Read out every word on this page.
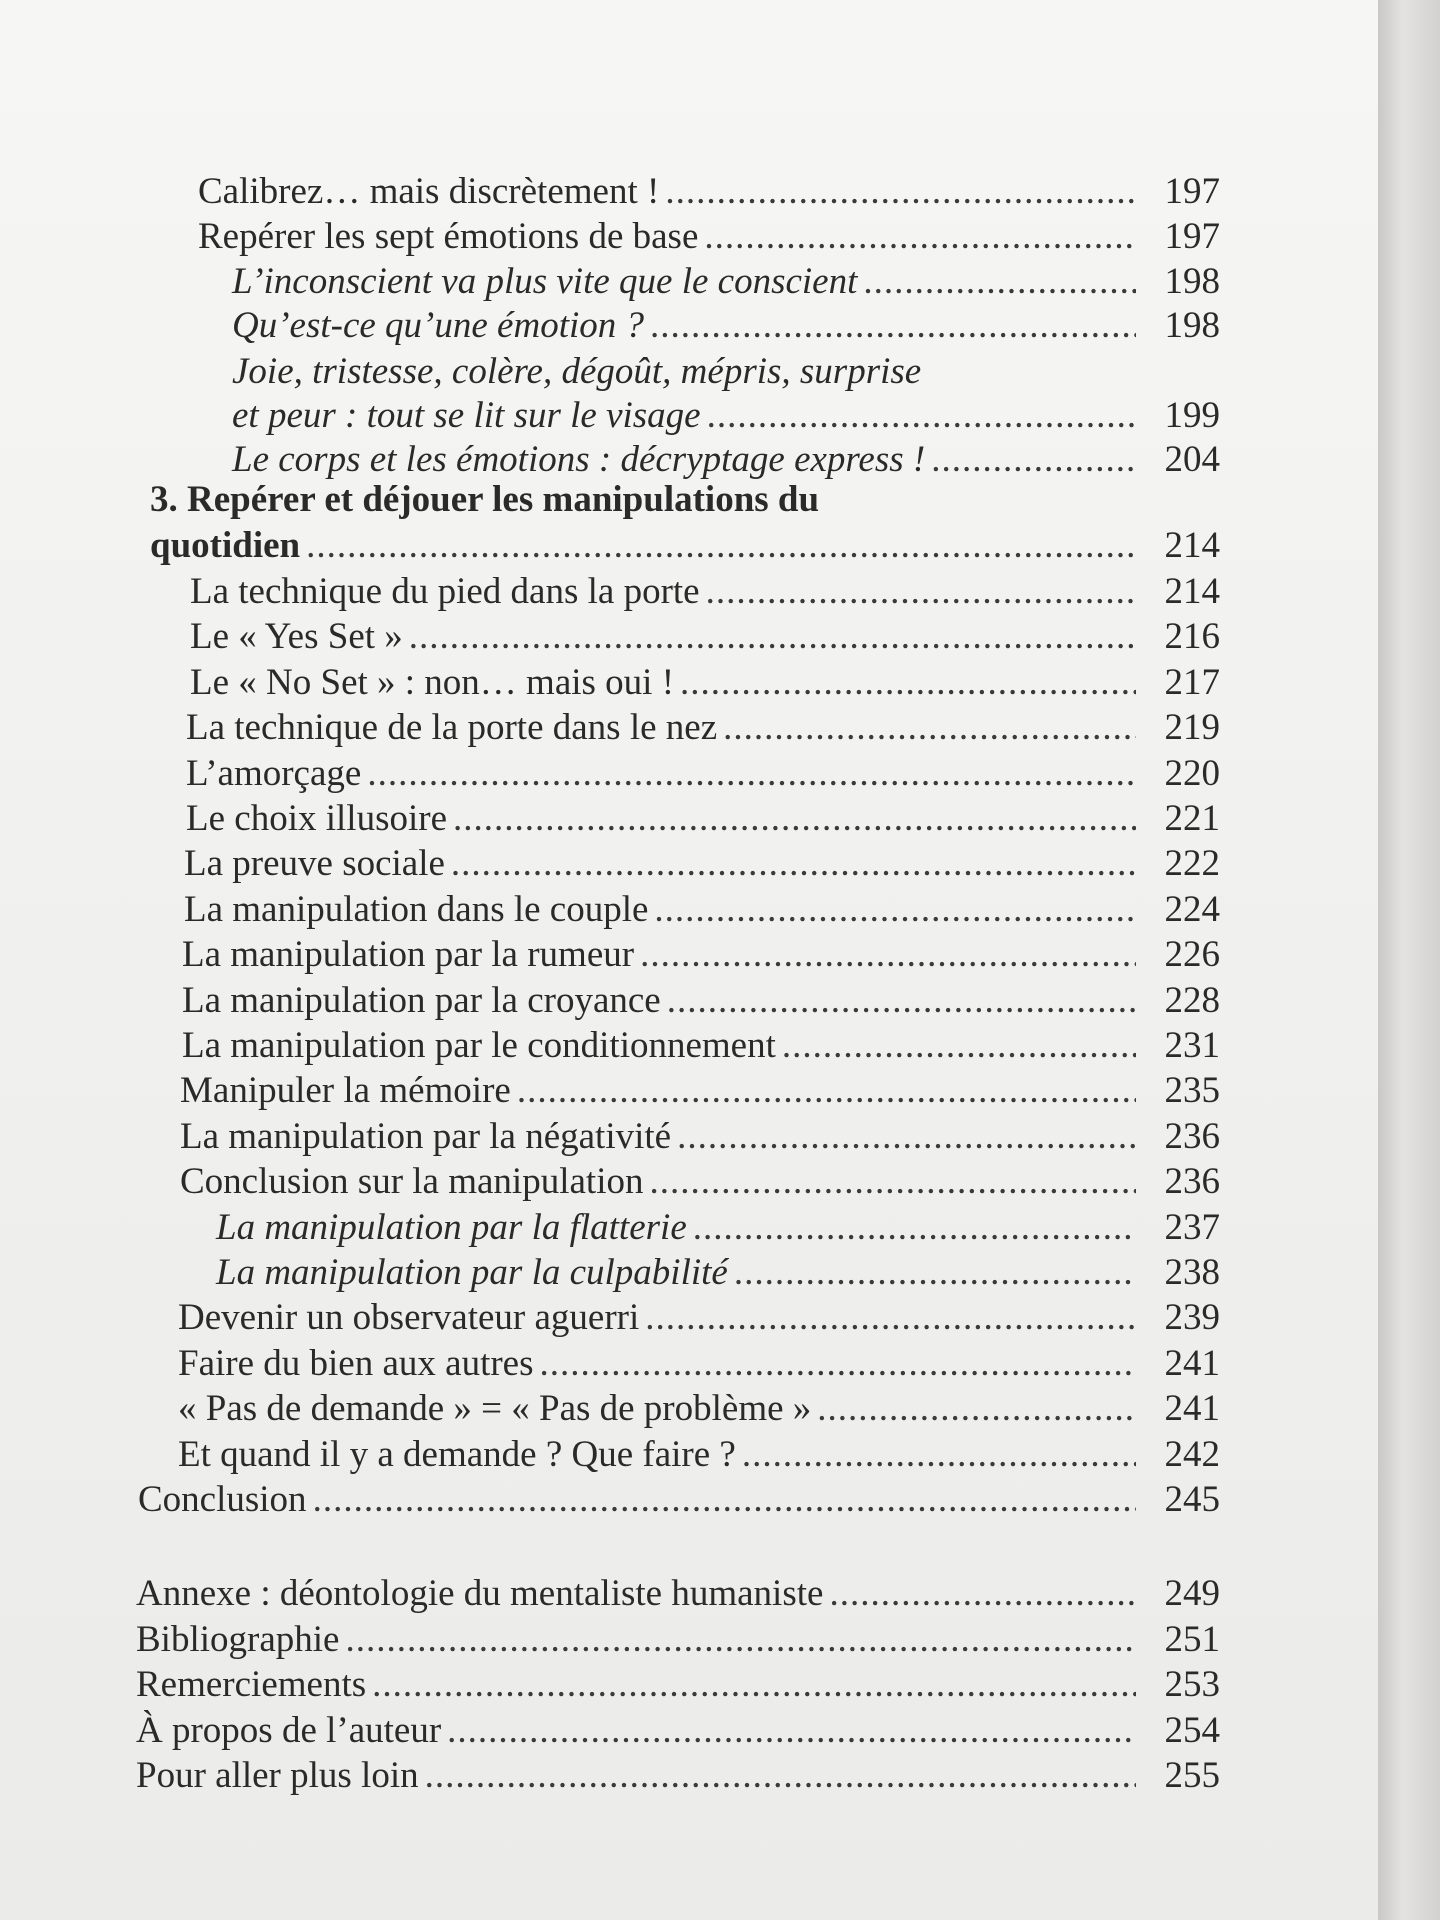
Calibrez… mais discrètement ! .....	197
Repérer les sept émotions de base .....	197
L’inconscient va plus vite que le conscient .....	198
Qu’est-ce qu’une émotion ? .....	198
Joie, tristesse, colère, dégoût, mépris, surprise
et peur : tout se lit sur le visage .....	199
Le corps et les émotions : décryptage express ! .....	204
3. Repérer et déjouer les manipulations du
quotidien .....	214
La technique du pied dans la porte .....	214
Le « Yes Set » .....	216
Le « No Set » : non… mais oui ! .....	217
La technique de la porte dans le nez .....	219
L’amorçage .....	220
Le choix illusoire .....	221
La preuve sociale .....	222
La manipulation dans le couple .....	224
La manipulation par la rumeur .....	226
La manipulation par la croyance .....	228
La manipulation par le conditionnement .....	231
Manipuler la mémoire .....	235
La manipulation par la négativité .....	236
Conclusion sur la manipulation .....	236
La manipulation par la flatterie .....	237
La manipulation par la culpabilité .....	238
Devenir un observateur aguerri .....	239
Faire du bien aux autres .....	241
« Pas de demande » = « Pas de problème » .....	241
Et quand il y a demande ? Que faire ? .....	242
Conclusion .....	245
Annexe : déontologie du mentaliste humaniste .....	249
Bibliographie .....	251
Remerciements .....	253
À propos de l’auteur .....	254
Pour aller plus loin .....	255
